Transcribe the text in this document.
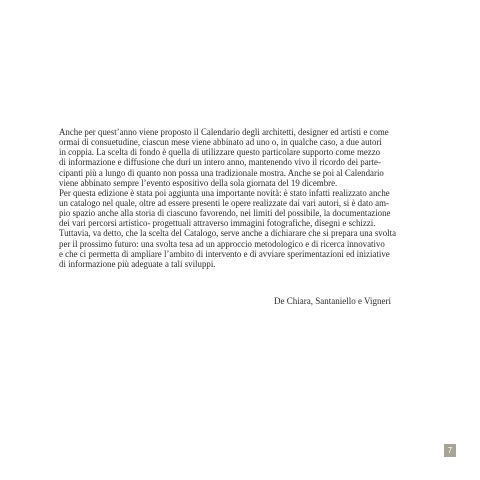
Anche per quest’anno viene proposto il Calendario degli architetti, designer ed artisti e come
ormai di consuetudine, ciascun mese viene abbinato ad uno o, in qualche caso, a due autori
in coppia. La scelta di fondo è quella di utilizzare questo particolare supporto come mezzo
di informazione e diffusione che duri un intero anno, mantenendo vivo il ricordo dei parte-
cipanti più a lungo di quanto non possa una tradizionale mostra. Anche se poi al Calendario
viene abbinato sempre l’evento espositivo della sola giornata del 19 dicembre.
Per questa edizione è stata poi aggiunta una importante novità: è stato infatti realizzato anche
un catalogo nel quale, oltre ad essere presenti le opere realizzate dai vari autori, si è dato am-
pio spazio anche alla storia di ciascuno favorendo, nei limiti del possibile, la documentazione
dei vari percorsi artistico- progettuali attraverso immagini fotografiche, disegni e schizzi.
Tuttavia, va detto, che la scelta del Catalogo, serve anche a dichiarare che si prepara una svolta
per il prossimo futuro: una svolta tesa ad un approccio metodologico e di ricerca innovativo
e che ci permetta di ampliare l’ambito di intervento e di avviare sperimentazioni ed iniziative
di informazione più adeguate a tali sviluppi.
De Chiara, Santaniello e Vigneri
7
